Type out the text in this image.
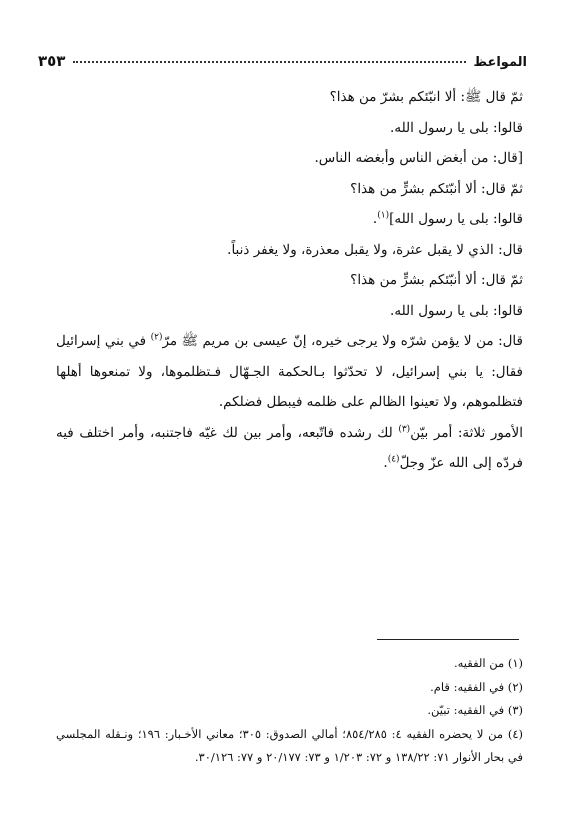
٣٥٣	المواعظ

ثمّ قال ﷺ: ألا انبّئكم بشرّ من هذا؟

قالوا: بلى يا رسول الله.

[قال: من أبغض الناس وأبغضه الناس.

ثمّ قال: ألا أنبّئكم بشرٍّ من هذا؟

قالوا: بلى يا رسول الله]$^{(١)}$.

قال: الذي لا يقبل عثرة، ولا يقبل معذرة، ولا يغفر ذنباً.

ثمّ قال: ألا أنبّئكم بشرٍّ من هذا؟

قالوا: بلى يا رسول الله.

قال: من لا يؤمن شرّه ولا يرجى خيره، إنّ عيسى بن مريم ﷺ مرّ$^{(٢)}$ في بني إسرائيل فقال: يا بني إسرائيل، لا تحدّثوا بـالحكمة الجـهّال فـتظلموها، ولا تمنعوها أهلها فتظلموهم، ولا تعينوا الظالم على ظلمه فيبطل فضلكم.

الأمور ثلاثة: أمر بيّن$^{(٣)}$ لك رشده فاتّبعه، وأمر بين لك غيّه فاجتنبه، وأمر اختلف فيه فردّه إلى الله عزّ وجلّ$^{(٤)}$.

(١) من الفقيه.

(٢) في الفقيه: قام.

(٣) في الفقيه: تبيّن.

(٤) من لا يحضره الفقيه ٤: ٨٥٤/٢٨٥؛ أمالي الصدوق: ٣٠٥؛ معاني الأخـبار: ١٩٦؛ ونـقله المجلسي في بحار الأنوار ٧١: ١٣٨/٢٢ و ٧٢: ١/٢٠٣ و ٧٣: ٢٠/١٧٧ و ٧٧: ٣٠/١٢٦.
